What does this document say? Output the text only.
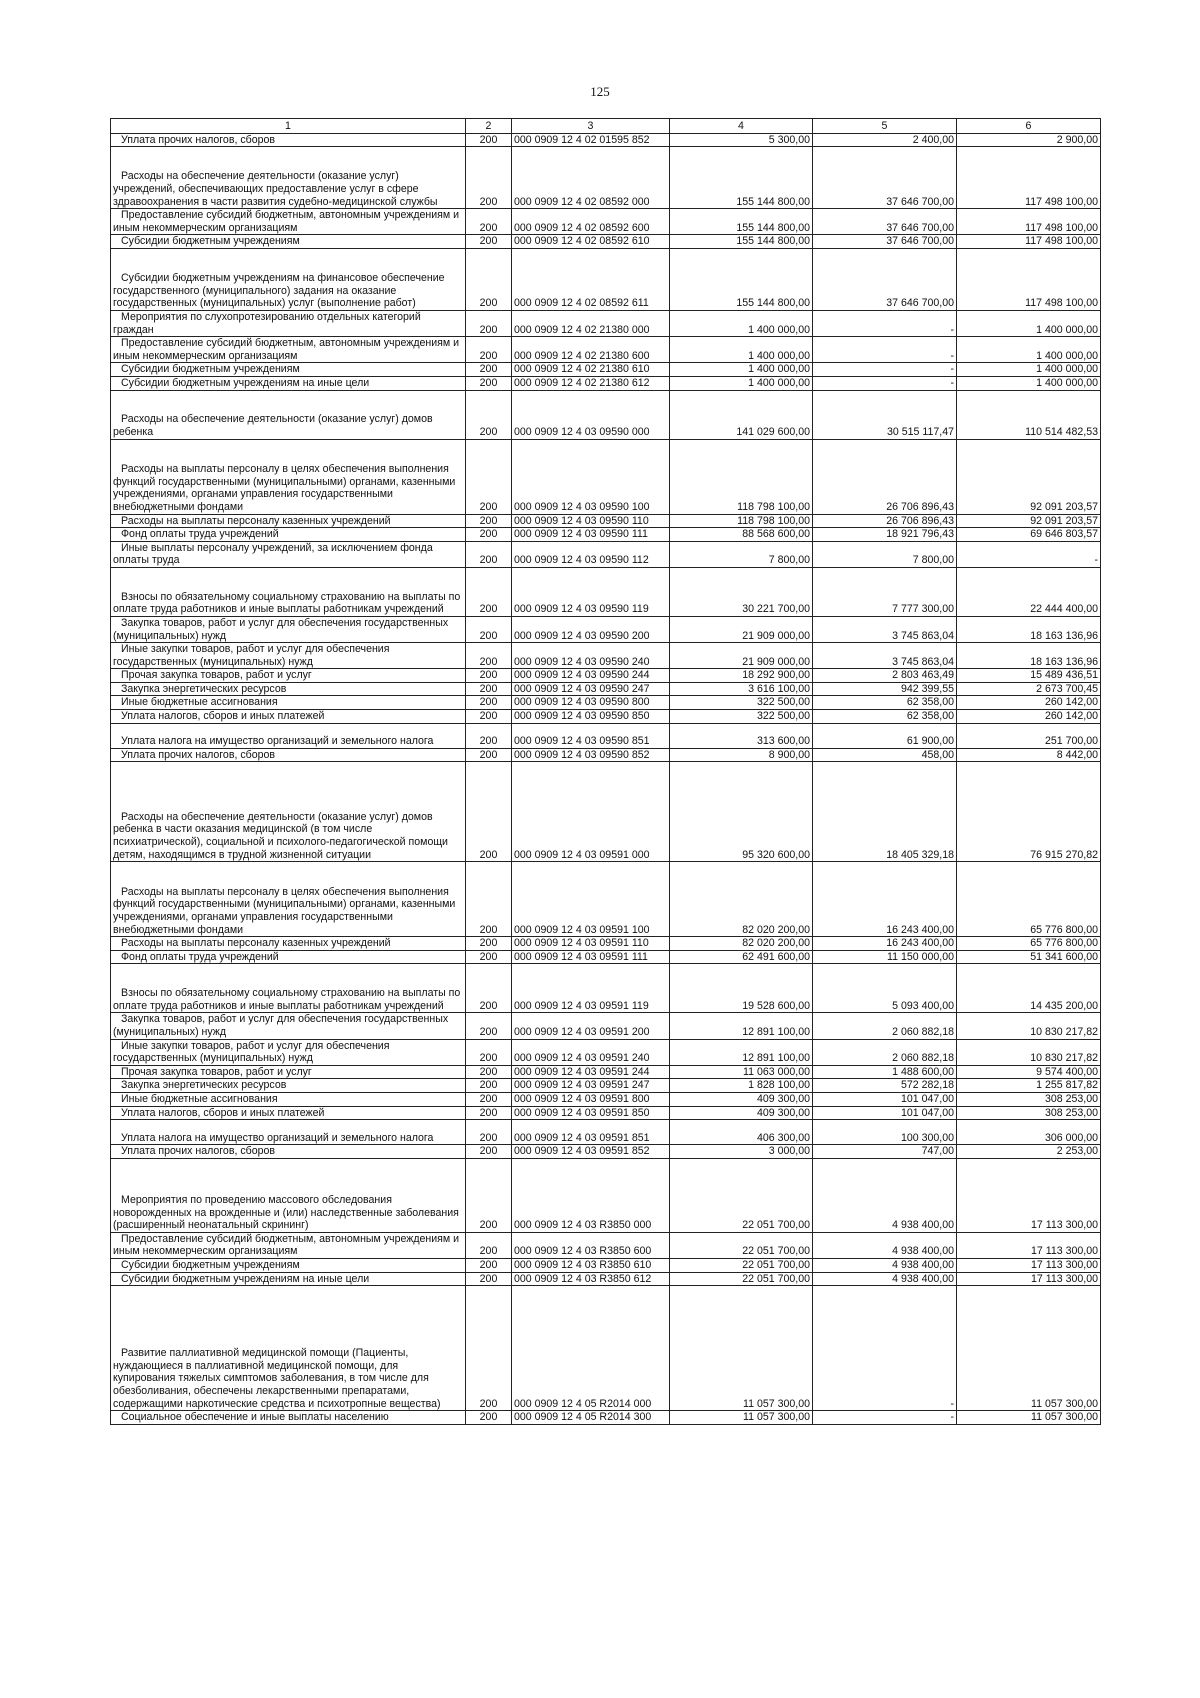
125
1	2	3	4	5	6

Уплата прочих налогов, сборов	200	000 0909 12 4 02 01595 852	5 300,00	2 400,00	2 900,00

Расходы на обеспечение деятельности (оказание услуг) учреждений, обеспечивающих предоставление услуг в сфере здравоохранения в части развития судебно-медицинской службы	200	000 0909 12 4 02 08592 000	155 144 800,00	37 646 700,00	117 498 100,00

Предоставление субсидий бюджетным, автономным учреждениям и иным некоммерческим организациям	200	000 0909 12 4 02 08592 600	155 144 800,00	37 646 700,00	117 498 100,00

Субсидии бюджетным учреждениям	200	000 0909 12 4 02 08592 610	155 144 800,00	37 646 700,00	117 498 100,00

Субсидии бюджетным учреждениям на финансовое обеспечение государственного (муниципального) задания на оказание государственных (муниципальных) услуг (выполнение работ)	200	000 0909 12 4 02 08592 611	155 144 800,00	37 646 700,00	117 498 100,00

Мероприятия по слухопротезированию отдельных категорий граждан	200	000 0909 12 4 02 21380 000	1 400 000,00	-	1 400 000,00

Предоставление субсидий бюджетным, автономным учреждениям и иным некоммерческим организациям	200	000 0909 12 4 02 21380 600	1 400 000,00	-	1 400 000,00

Субсидии бюджетным учреждениям	200	000 0909 12 4 02 21380 610	1 400 000,00	-	1 400 000,00

Субсидии бюджетным учреждениям на иные цели	200	000 0909 12 4 02 21380 612	1 400 000,00	-	1 400 000,00

Расходы на обеспечение деятельности (оказание услуг) домов ребенка	200	000 0909 12 4 03 09590 000	141 029 600,00	30 515 117,47	110 514 482,53

Расходы на выплаты персоналу в целях обеспечения выполнения функций государственными (муниципальными) органами, казенными учреждениями, органами управления государственными внебюджетными фондами	200	000 0909 12 4 03 09590 100	118 798 100,00	26 706 896,43	92 091 203,57

Расходы на выплаты персоналу казенных учреждений	200	000 0909 12 4 03 09590 110	118 798 100,00	26 706 896,43	92 091 203,57

Фонд оплаты труда учреждений	200	000 0909 12 4 03 09590 111	88 568 600,00	18 921 796,43	69 646 803,57

Иные выплаты персоналу учреждений, за исключением фонда оплаты труда	200	000 0909 12 4 03 09590 112	7 800,00	7 800,00	-

Взносы по обязательному социальному страхованию на выплаты по оплате труда работников и иные выплаты работникам учреждений	200	000 0909 12 4 03 09590 119	30 221 700,00	7 777 300,00	22 444 400,00

Закупка товаров, работ и услуг для обеспечения государственных (муниципальных) нужд	200	000 0909 12 4 03 09590 200	21 909 000,00	3 745 863,04	18 163 136,96

Иные закупки товаров, работ и услуг для обеспечения государственных (муниципальных) нужд	200	000 0909 12 4 03 09590 240	21 909 000,00	3 745 863,04	18 163 136,96

Прочая закупка товаров, работ и услуг	200	000 0909 12 4 03 09590 244	18 292 900,00	2 803 463,49	15 489 436,51

Закупка энергетических ресурсов	200	000 0909 12 4 03 09590 247	3 616 100,00	942 399,55	2 673 700,45

Иные бюджетные ассигнования	200	000 0909 12 4 03 09590 800	322 500,00	62 358,00	260 142,00

Уплата налогов, сборов и иных платежей	200	000 0909 12 4 03 09590 850	322 500,00	62 358,00	260 142,00

Уплата налога на имущество организаций и земельного налога	200	000 0909 12 4 03 09590 851	313 600,00	61 900,00	251 700,00

Уплата прочих налогов, сборов	200	000 0909 12 4 03 09590 852	8 900,00	458,00	8 442,00

Расходы на обеспечение деятельности (оказание услуг) домов ребенка в части оказания медицинской (в том числе психиатрической), социальной и психолого-педагогической помощи детям, находящимся в трудной жизненной ситуации	200	000 0909 12 4 03 09591 000	95 320 600,00	18 405 329,18	76 915 270,82

Расходы на выплаты персоналу в целях обеспечения выполнения функций государственными (муниципальными) органами, казенными учреждениями, органами управления государственными внебюджетными фондами	200	000 0909 12 4 03 09591 100	82 020 200,00	16 243 400,00	65 776 800,00

Расходы на выплаты персоналу казенных учреждений	200	000 0909 12 4 03 09591 110	82 020 200,00	16 243 400,00	65 776 800,00

Фонд оплаты труда учреждений	200	000 0909 12 4 03 09591 111	62 491 600,00	11 150 000,00	51 341 600,00

Взносы по обязательному социальному страхованию на выплаты по оплате труда работников и иные выплаты работникам учреждений	200	000 0909 12 4 03 09591 119	19 528 600,00	5 093 400,00	14 435 200,00

Закупка товаров, работ и услуг для обеспечения государственных (муниципальных) нужд	200	000 0909 12 4 03 09591 200	12 891 100,00	2 060 882,18	10 830 217,82

Иные закупки товаров, работ и услуг для обеспечения государственных (муниципальных) нужд	200	000 0909 12 4 03 09591 240	12 891 100,00	2 060 882,18	10 830 217,82

Прочая закупка товаров, работ и услуг	200	000 0909 12 4 03 09591 244	11 063 000,00	1 488 600,00	9 574 400,00

Закупка энергетических ресурсов	200	000 0909 12 4 03 09591 247	1 828 100,00	572 282,18	1 255 817,82

Иные бюджетные ассигнования	200	000 0909 12 4 03 09591 800	409 300,00	101 047,00	308 253,00

Уплата налогов, сборов и иных платежей	200	000 0909 12 4 03 09591 850	409 300,00	101 047,00	308 253,00

Уплата налога на имущество организаций и земельного налога	200	000 0909 12 4 03 09591 851	406 300,00	100 300,00	306 000,00

Уплата прочих налогов, сборов	200	000 0909 12 4 03 09591 852	3 000,00	747,00	2 253,00

Мероприятия по проведению массового обследования новорожденных на врожденные и (или) наследственные заболевания (расширенный неонатальный скрининг)	200	000 0909 12 4 03 R3850 000	22 051 700,00	4 938 400,00	17 113 300,00

Предоставление субсидий бюджетным, автономным учреждениям и иным некоммерческим организациям	200	000 0909 12 4 03 R3850 600	22 051 700,00	4 938 400,00	17 113 300,00

Субсидии бюджетным учреждениям	200	000 0909 12 4 03 R3850 610	22 051 700,00	4 938 400,00	17 113 300,00

Субсидии бюджетным учреждениям на иные цели	200	000 0909 12 4 03 R3850 612	22 051 700,00	4 938 400,00	17 113 300,00

Развитие паллиативной медицинской помощи (Пациенты, нуждающиеся в паллиативной медицинской помощи, для купирования тяжелых симптомов заболевания, в том числе для обезболивания, обеспечены лекарственными препаратами, содержащими наркотические средства и психотропные вещества)	200	000 0909 12 4 05 R2014 000	11 057 300,00	-	11 057 300,00

Социальное обеспечение и иные выплаты населению	200	000 0909 12 4 05 R2014 300	11 057 300,00	-	11 057 300,00
